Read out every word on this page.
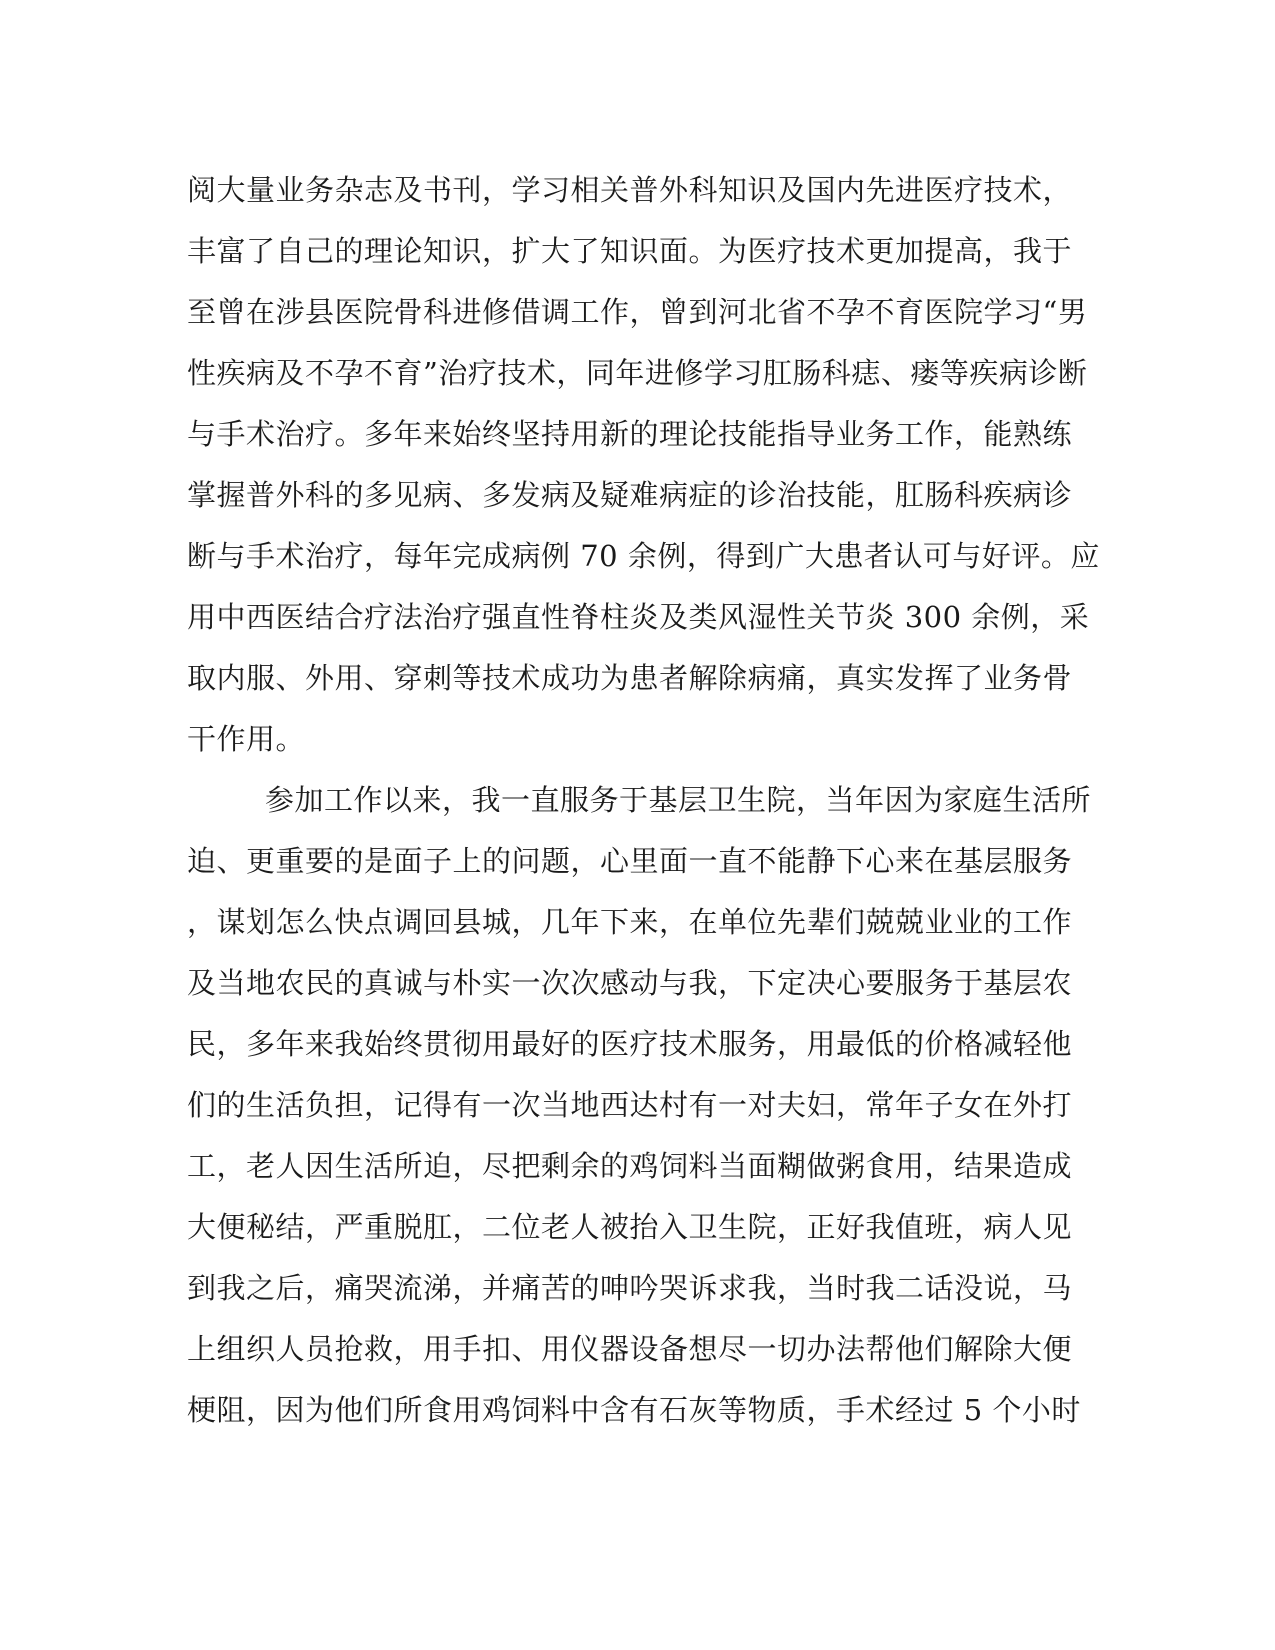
阅大量业务杂志及书刊，学习相关普外科知识及国内先进医疗技术，
丰富了自己的理论知识，扩大了知识面。为医疗技术更加提高，我于
至曾在涉县医院骨科进修借调工作，曾到河北省不孕不育医院学习“男
性疾病及不孕不育”治疗技术，同年进修学习肛肠科痣、瘘等疾病诊断
与手术治疗。多年来始终坚持用新的理论技能指导业务工作，能熟练
掌握普外科的多见病、多发病及疑难病症的诊治技能，肛肠科疾病诊
断与手术治疗，每年完成病例 70 余例，得到广大患者认可与好评。应
用中西医结合疗法治疗强直性脊柱炎及类风湿性关节炎 300 余例，采
取内服、外用、穿刺等技术成功为患者解除病痛，真实发挥了业务骨
干作用。
参加工作以来，我一直服务于基层卫生院，当年因为家庭生活所
迫、更重要的是面子上的问题，心里面一直不能静下心来在基层服务
，谋划怎么快点调回县城，几年下来，在单位先辈们兢兢业业的工作
及当地农民的真诚与朴实一次次感动与我，下定决心要服务于基层农
民，多年来我始终贯彻用最好的医疗技术服务，用最低的价格减轻他
们的生活负担，记得有一次当地西达村有一对夫妇，常年子女在外打
工，老人因生活所迫，尽把剩余的鸡饲料当面糊做粥食用，结果造成
大便秘结，严重脱肛，二位老人被抬入卫生院，正好我值班，病人见
到我之后，痛哭流涕，并痛苦的呻吟哭诉求我，当时我二话没说，马
上组织人员抢救，用手扣、用仪器设备想尽一切办法帮他们解除大便
梗阻，因为他们所食用鸡饲料中含有石灰等物质，手术经过 5 个小时
